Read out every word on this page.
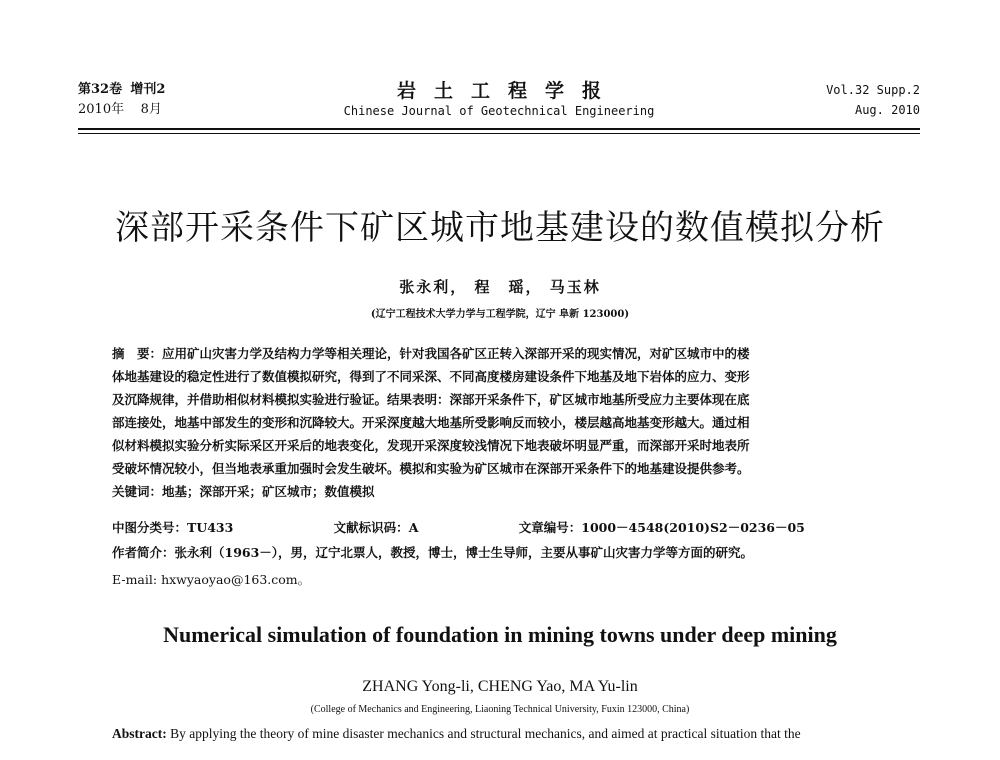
第32卷 增刊2
2010年 8月
岩土工程学报
Chinese Journal of Geotechnical Engineering
Vol.32 Supp.2
Aug. 2010
深部开采条件下矿区城市地基建设的数值模拟分析
张永利， 程　瑶， 马玉林
(辽宁工程技术大学力学与工程学院，辽宁 阜新 123000)
摘　要：应用矿山灾害力学及结构力学等相关理论，针对我国各矿区正转入深部开采的现实情况，对矿区城市中的楼
体地基建设的稳定性进行了数值模拟研究，得到了不同采深、不同高度楼房建设条件下地基及地下岩体的应力、变形
及沉降规律，并借助相似材料模拟实验进行验证。结果表明：深部开采条件下，矿区城市地基所受应力主要体现在底
部连接处，地基中部发生的变形和沉降较大。开采深度越大地基所受影响反而较小，楼层越高地基变形越大。通过相
似材料模拟实验分析实际采区开采后的地表变化，发现开采深度较浅情况下地表破坏明显严重，而深部开采时地表所
受破坏情况较小，但当地表承重加强时会发生破坏。模拟和实验为矿区城市在深部开采条件下的地基建设提供参考。
关键词：地基；深部开采；矿区城市；数值模拟
中图分类号：TU433	文献标识码：A	文章编号：1000－4548(2010)S2－0236－05
作者简介：张永利（1963－），男，辽宁北票人，教授，博士，博士生导师，主要从事矿山灾害力学等方面的研究。
E-mail: hxwyaoyao@163.com。
Numerical simulation of foundation in mining towns under deep mining
ZHANG Yong-li, CHENG Yao, MA Yu-lin
(College of Mechanics and Engineering, Liaoning Technical University, Fuxin 123000, China)
Abstract: By applying the theory of mine disaster mechanics and structural mechanics, and aimed at practical situation that the
